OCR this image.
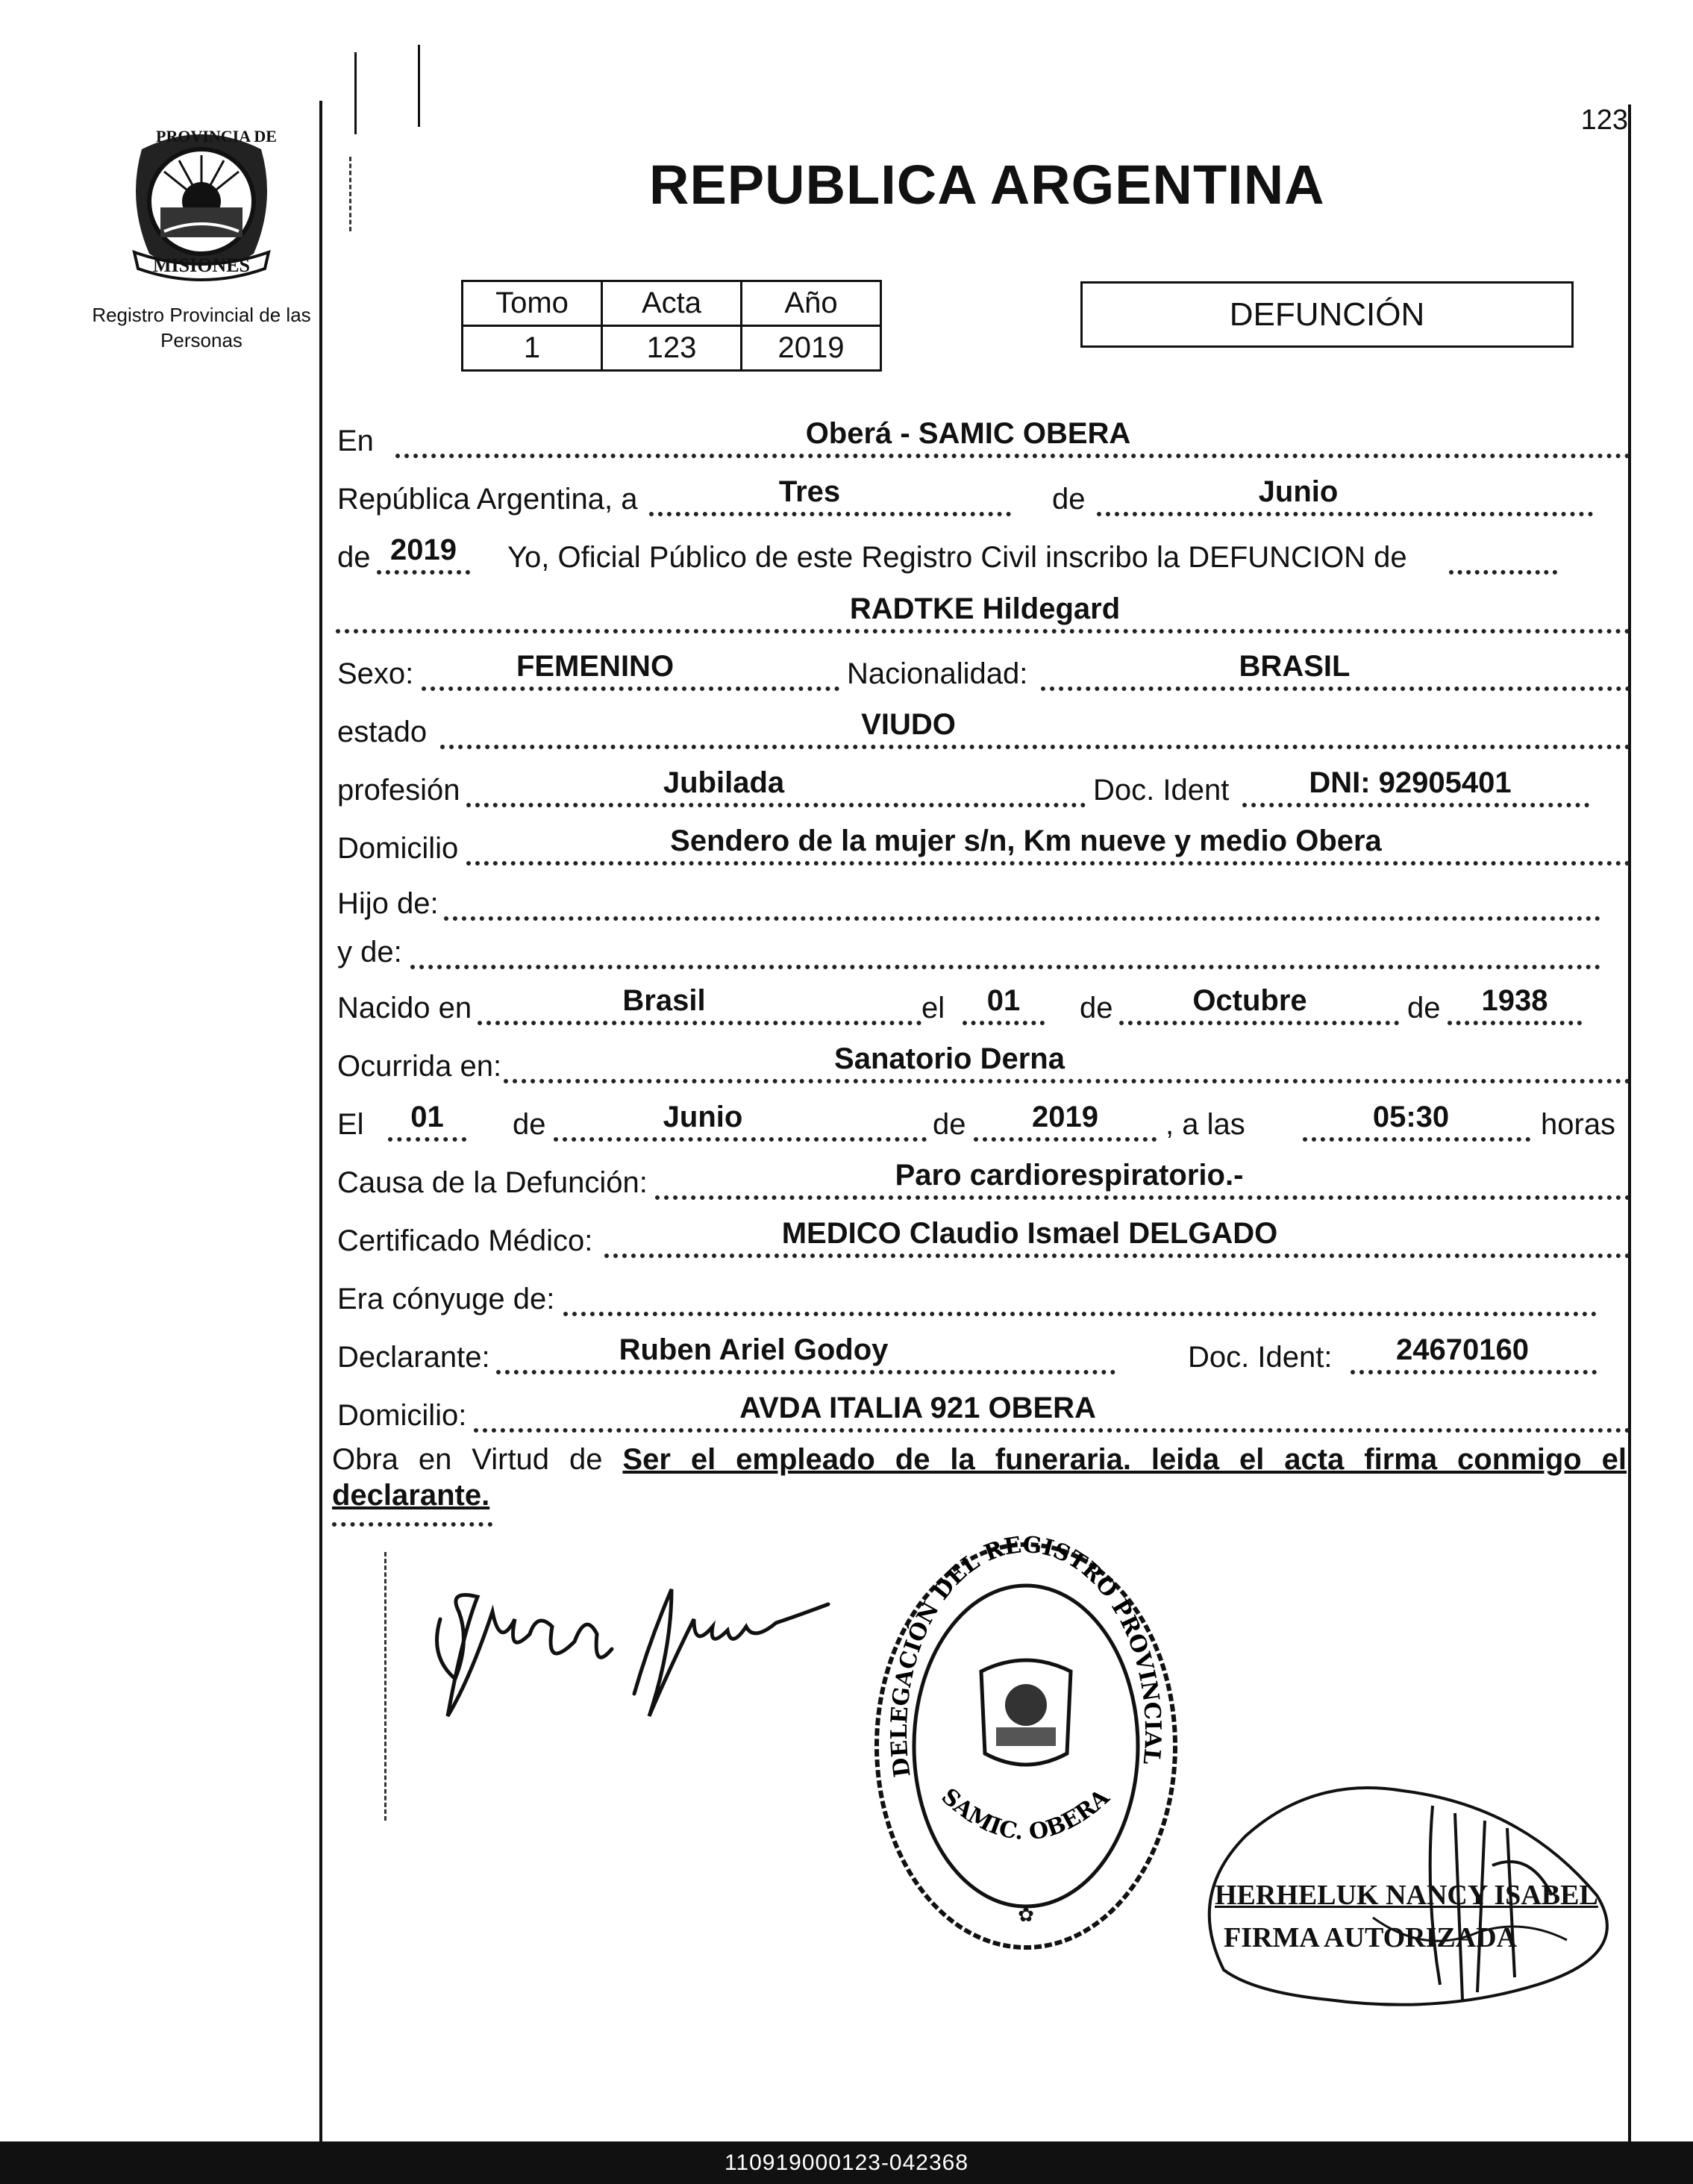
123
REPUBLICA ARGENTINA
MISIONES
PROVINCIA DE
Registro Provincial de las Personas
Tomo	Acta	Año
1	123	2019
DEFUNCIÓN
En	Oberá - SAMIC OBERA
República Argentina, a	Tres	de	Junio
de 2019	Yo, Oficial Público de este Registro Civil inscribo la DEFUNCION de
RADTKE Hildegard
Sexo:	FEMENINO	Nacionalidad:	BRASIL
estado	VIUDO
profesión	Jubilada	Doc. Ident	DNI: 92905401
Domicilio	Sendero de la mujer s/n, Km nueve y medio Obera
Hijo de:
y de:
Nacido en	Brasil	el	01	de	Octubre	de	1938
Ocurrida en:	Sanatorio Derna
El	01	de	Junio	de	2019	, a las	05:30	horas
Causa de la Defunción:	Paro cardiorespiratorio.-
Certificado Médico:	MEDICO Claudio Ismael DELGADO
Era cónyuge de:
Declarante:	Ruben Ariel Godoy	Doc. Ident:	24670160
Domicilio:	AVDA ITALIA 921 OBERA
Obra en Virtud de Ser el empleado de la funeraria. leida el acta firma conmigo el
declarante.
DELEGACIÓN DEL REGISTRO PROVINCIAL
SAMIC. OBERA
✿
HERHELUK NANCY ISABEL
FIRMA AUTORIZADA
110919000123-042368
